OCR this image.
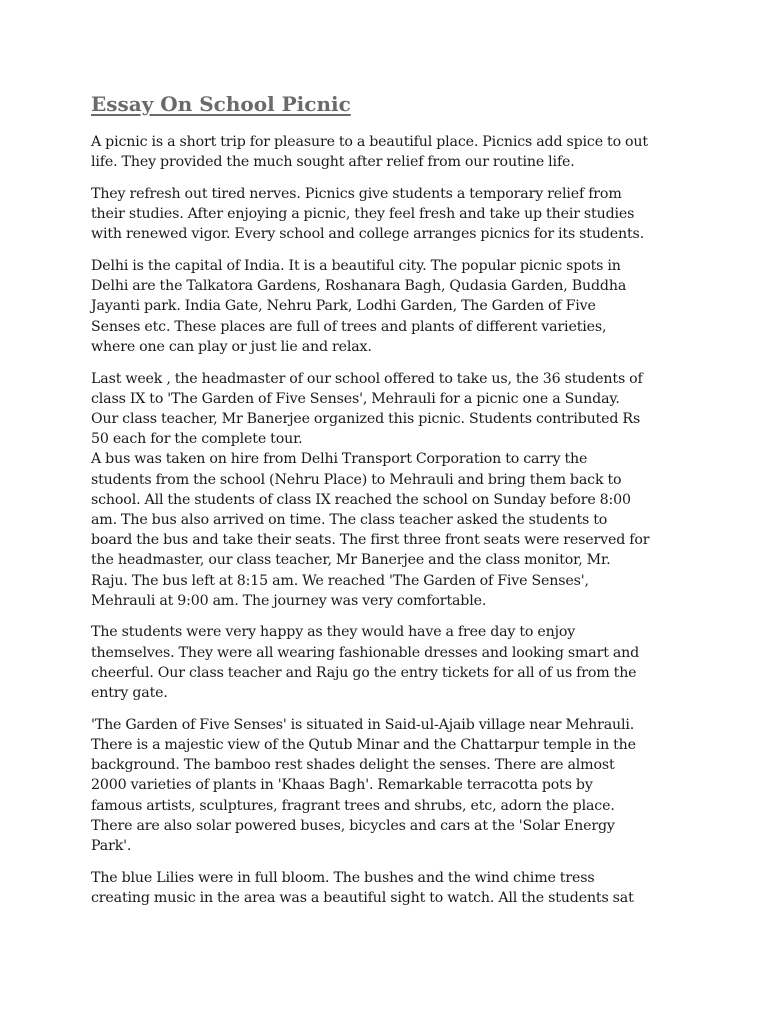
Essay On School Picnic

A picnic is a short trip for pleasure to a beautiful place. Picnics add spice to out
life. They provided the much sought after relief from our routine life.

They refresh out tired nerves. Picnics give students a temporary relief from
their studies. After enjoying a picnic, they feel fresh and take up their studies
with renewed vigor. Every school and college arranges picnics for its students.

Delhi is the capital of India. It is a beautiful city. The popular picnic spots in
Delhi are the Talkatora Gardens, Roshanara Bagh, Qudasia Garden, Buddha
Jayanti park. India Gate, Nehru Park, Lodhi Garden, The Garden of Five
Senses etc. These places are full of trees and plants of different varieties,
where one can play or just lie and relax.

Last week , the headmaster of our school offered to take us, the 36 students of
class IX to 'The Garden of Five Senses', Mehrauli for a picnic one a Sunday.
Our class teacher, Mr Banerjee organized this picnic. Students contributed Rs
50 each for the complete tour.
A bus was taken on hire from Delhi Transport Corporation to carry the
students from the school (Nehru Place) to Mehrauli and bring them back to
school. All the students of class IX reached the school on Sunday before 8:00
am. The bus also arrived on time. The class teacher asked the students to
board the bus and take their seats. The first three front seats were reserved for
the headmaster, our class teacher, Mr Banerjee and the class monitor, Mr.
Raju. The bus left at 8:15 am. We reached 'The Garden of Five Senses',
Mehrauli at 9:00 am. The journey was very comfortable.

The students were very happy as they would have a free day to enjoy
themselves. They were all wearing fashionable dresses and looking smart and
cheerful. Our class teacher and Raju go the entry tickets for all of us from the
entry gate.

'The Garden of Five Senses' is situated in Said-ul-Ajaib village near Mehrauli.
There is a majestic view of the Qutub Minar and the Chattarpur temple in the
background. The bamboo rest shades delight the senses. There are almost
2000 varieties of plants in 'Khaas Bagh'. Remarkable terracotta pots by
famous artists, sculptures, fragrant trees and shrubs, etc, adorn the place.
There are also solar powered buses, bicycles and cars at the 'Solar Energy
Park'.

The blue Lilies were in full bloom. The bushes and the wind chime tress
creating music in the area was a beautiful sight to watch. All the students sat
